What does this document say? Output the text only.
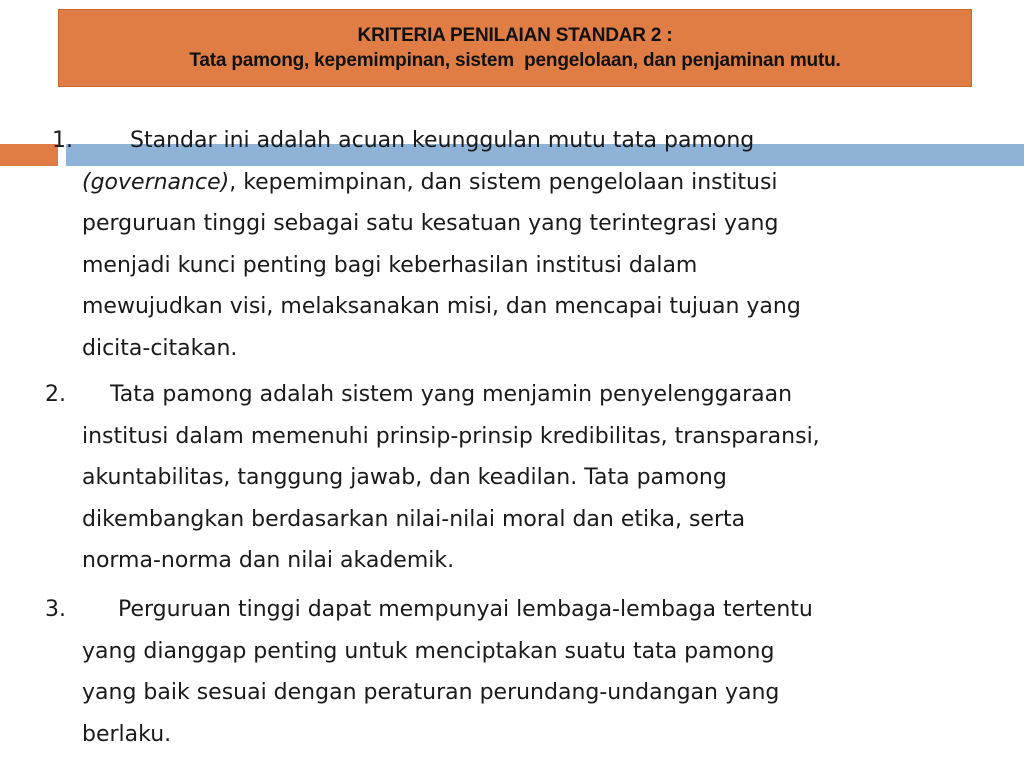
KRITERIA PENILAIAN STANDAR 2 :
Tata pamong, kepemimpinan, sistem  pengelolaan, dan penjaminan mutu.
1.	Standar ini adalah acuan keunggulan mutu tata pamong
(governance), kepemimpinan, dan sistem pengelolaan institusi
perguruan tinggi sebagai satu kesatuan yang terintegrasi yang
menjadi kunci penting bagi keberhasilan institusi dalam
mewujudkan visi, melaksanakan misi, dan mencapai tujuan yang
dicita-citakan.
2.	Tata pamong adalah sistem yang menjamin penyelenggaraan
institusi dalam memenuhi prinsip-prinsip kredibilitas, transparansi,
akuntabilitas, tanggung jawab, dan keadilan. Tata pamong
dikembangkan berdasarkan nilai-nilai moral dan etika, serta
norma-norma dan nilai akademik.
3.	Perguruan tinggi dapat mempunyai lembaga-lembaga tertentu
yang dianggap penting untuk menciptakan suatu tata pamong
yang baik sesuai dengan peraturan perundang-undangan yang
berlaku.
